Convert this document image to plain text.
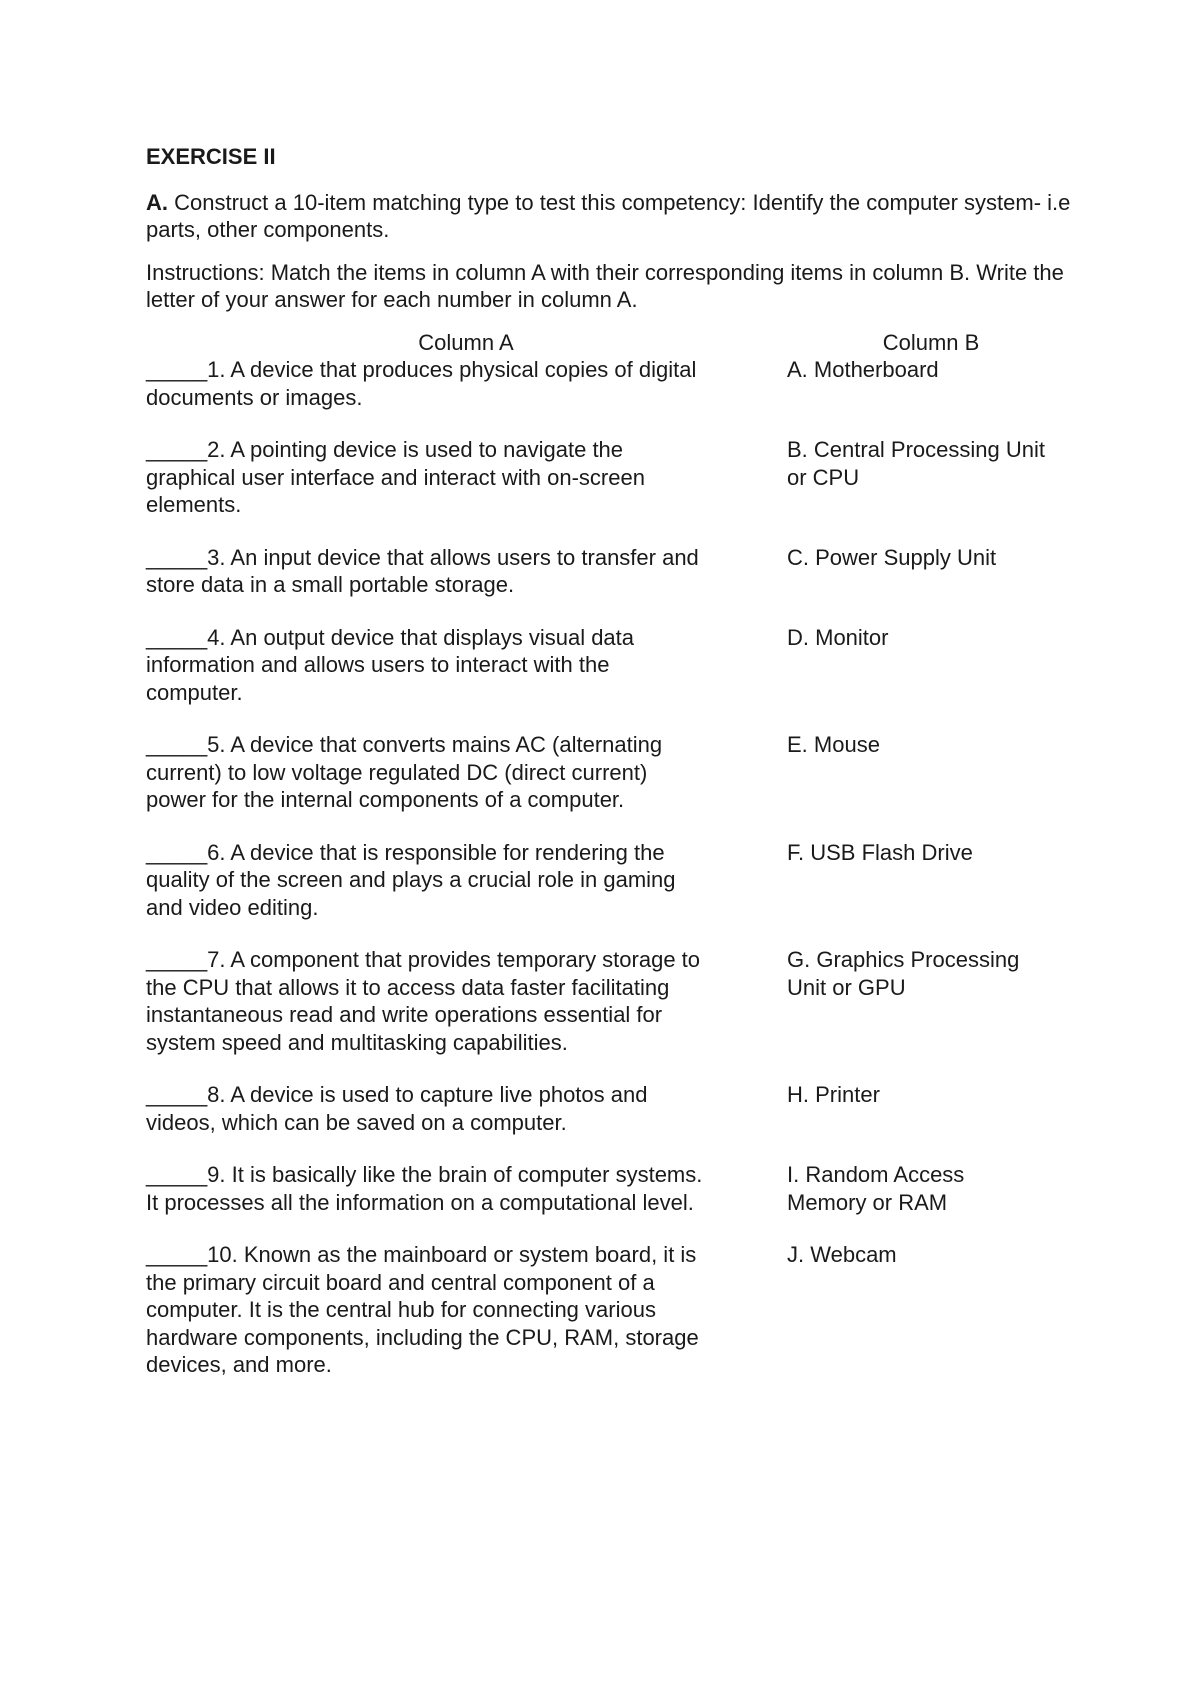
EXERCISE II
A. Construct a 10-item matching type to test this competency: Identify the computer system- i.e parts, other components.
Instructions: Match the items in column A with their corresponding items in column B. Write the letter of your answer for each number in column A.
Column A	Column B
_____1. A device that produces physical copies of digital documents or images.
A. Motherboard
_____2. A pointing device is used to navigate the graphical user interface and interact with on-screen elements.
B. Central Processing Unit or CPU
_____3. An input device that allows users to transfer and store data in a small portable storage.
C. Power Supply Unit
_____4. An output device that displays visual data information and allows users to interact with the computer.
D. Monitor
_____5. A device that converts mains AC (alternating current) to low voltage regulated DC (direct current) power for the internal components of a computer.
E. Mouse
_____6. A device that is responsible for rendering the quality of the screen and plays a crucial role in gaming and video editing.
F. USB Flash Drive
_____7. A component that provides temporary storage to the CPU that allows it to access data faster facilitating instantaneous read and write operations essential for system speed and multitasking capabilities.
G. Graphics Processing Unit or GPU
_____8. A device is used to capture live photos and videos, which can be saved on a computer.
H. Printer
_____9. It is basically like the brain of computer systems. It processes all the information on a computational level.
I. Random Access Memory or RAM
_____10. Known as the mainboard or system board, it is the primary circuit board and central component of a computer. It is the central hub for connecting various hardware components, including the CPU, RAM, storage devices, and more.
J. Webcam
